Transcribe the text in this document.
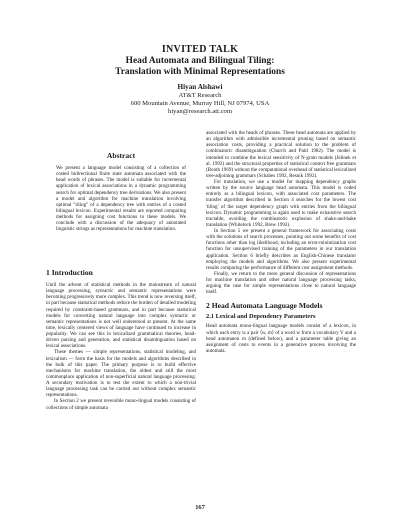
INVITED TALK
Head Automata and Bilingual Tiling:
Translation with Minimal Representations
Hiyan Alshawi
AT&T Research
600 Mountain Avenue, Murray Hill, NJ 07974, USA
hiyan@research.att.com
Abstract

We present a language model consisting of a collection of costed bidirectional finite state automata associated with the head words of phrases. The model is suitable for incremental application of lexical associations in a dynamic programming search for optimal dependency tree derivations. We also present a model and algorithm for machine translation involving optimal "tiling" of a dependency tree with entries of a costed bilingual lexicon. Experimental results are reported comparing methods for assigning cost functions to these models. We conclude with a discussion of the adequacy of annotated linguistic strings as representations for machine translation.

1 Introduction

Until the advent of statistical methods in the mainstream of natural language processing, syntactic and semantic representations were becoming progressively more complex. This trend is now reversing itself, in part because statistical methods reduce the burden of detailed modeling required by constraint-based grammars, and in part because statistical models for converting natural language into complex syntactic or semantic representations is not well understood at present. At the same time, lexically centered views of language have continued to increase in popularity. We can see this in lexicalized grammatical theories, head-driven parsing and generation, and statistical disambiguation based on lexical associations.

These themes — simple representations, statistical modeling, and lexicalism — form the basis for the models and algorithms described in the bulk of this paper. The primary purpose is to build effective mechanisms for machine translation, the oldest and still the most commonplace application of non-superficial natural language processing. A secondary motivation is to test the extent to which a non-trivial language processing task can be carried out without complex semantic representations.

In Section 2 we present reversible mono-lingual models consisting of collections of simple automata

associated with the heads of phrases. These head automata are applied by an algorithm with admissible incremental pruning based on semantic association costs, providing a practical solution to the problem of combinatoric disambiguation (Church and Patil 1982). The model is intended to combine the lexical sensitivity of N-gram models (Jelinek et al. 1992) and the structural properties of statistical context free grammars (Booth 1969) without the computational overhead of statistical lexicalized tree-adjoining grammars (Schabes 1992, Resnik 1992).

For translation, we use a model for mapping dependency graphs written by the source language head automata. This model is coded entirely as a bilingual lexicon, with associated cost parameters. The transfer algorithm described in Section 4 searches for the lowest cost 'tiling' of the target dependency graph with entries from the bilingual lexicon. Dynamic programming is again used to make exhaustive search tractable, avoiding the combinatoric explosion of shake-and-bake translation (Whitelock 1992, Brew 1992).

In Section 5 we present a general framework for associating costs with the solutions of search processes, pointing out some benefits of cost functions other than log likelihood, including an error-minimization cost function for unsupervised training of the parameters in our translation application. Section 6 briefly describes an English-Chinese translator employing the models and algorithms. We also present experimental results comparing the performance of different cost assignment methods.

Finally, we return to the more general discussion of representations for machine translation and other natural language processing tasks, arguing the case for simple representations close to natural language itself.

2 Head Automata Language Models
2.1 Lexical and Dependency Parameters

Head automata mono-lingual language models consist of a lexicon, in which each entry is a pair ⟨w, m⟩ of a word w from a vocabulary V and a head automaton m (defined below), and a parameter table giving an assignment of costs to events in a generative process involving the automata.

167
